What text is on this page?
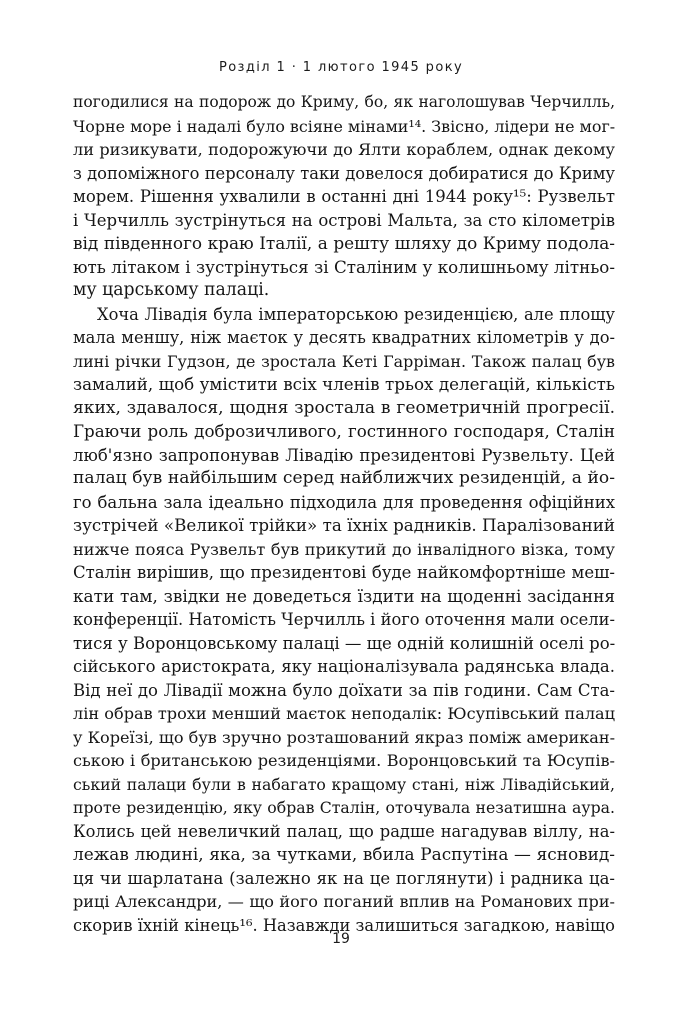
Розділ 1 · 1 лютого 1945 року
погодилися на подорож до Криму, бо, як наголошував Черчилль,
Чорне море і надалі було всіяне мінами¹⁴. Звісно, лідери не мог-
ли ризикувати, подорожуючи до Ялти кораблем, однак декому
з допоміжного персоналу таки довелося добиратися до Криму
морем. Рішення ухвалили в останні дні 1944 року¹⁵: Рузвельт
і Черчилль зустрінуться на острові Мальта, за сто кілометрів
від південного краю Італії, а решту шляху до Криму подола-
ють літаком і зустрінуться зі Сталіним у колишньому літньо-
му царському палаці.
Хоча Лівадія була імператорською резиденцією, але площу
мала меншу, ніж маєток у десять квадратних кілометрів у до-
лині річки Гудзон, де зростала Кеті Гарріман. Також палац був
замалий, щоб умістити всіх членів трьох делегацій, кількість
яких, здавалося, щодня зростала в геометричній прогресії.
Граючи роль доброзичливого, гостинного господаря, Сталін
люб'язно запропонував Лівадію президентові Рузвельту. Цей
палац був найбільшим серед найближчих резиденцій, а йо-
го бальна зала ідеально підходила для проведення офіційних
зустрічей «Великої трійки» та їхніх радників. Паралізований
нижче пояса Рузвельт був прикутий до інвалідного візка, тому
Сталін вирішив, що президентові буде найкомфортніше меш-
кати там, звідки не доведеться їздити на щоденні засідання
конференції. Натомість Черчилль і його оточення мали осели-
тися у Воронцовському палаці — ще одній колишній оселі ро-
сійського аристократа, яку націоналізувала радянська влада.
Від неї до Лівадії можна було доїхати за пів години. Сам Ста-
лін обрав трохи менший маєток неподалік: Юсупівський палац
у Кореїзі, що був зручно розташований якраз поміж американ-
ською і британською резиденціями. Воронцовський та Юсупів-
ський палаци були в набагато кращому стані, ніж Лівадійський,
проте резиденцію, яку обрав Сталін, оточувала незатишна аура.
Колись цей невеличкий палац, що радше нагадував віллу, на-
лежав людині, яка, за чутками, вбила Распутіна — ясновид-
ця чи шарлатана (залежно як на це поглянути) і радника ца-
риці Александри, — що його поганий вплив на Романових при-
скорив їхній кінець¹⁶. Назавжди залишиться загадкою, навіщо
19
